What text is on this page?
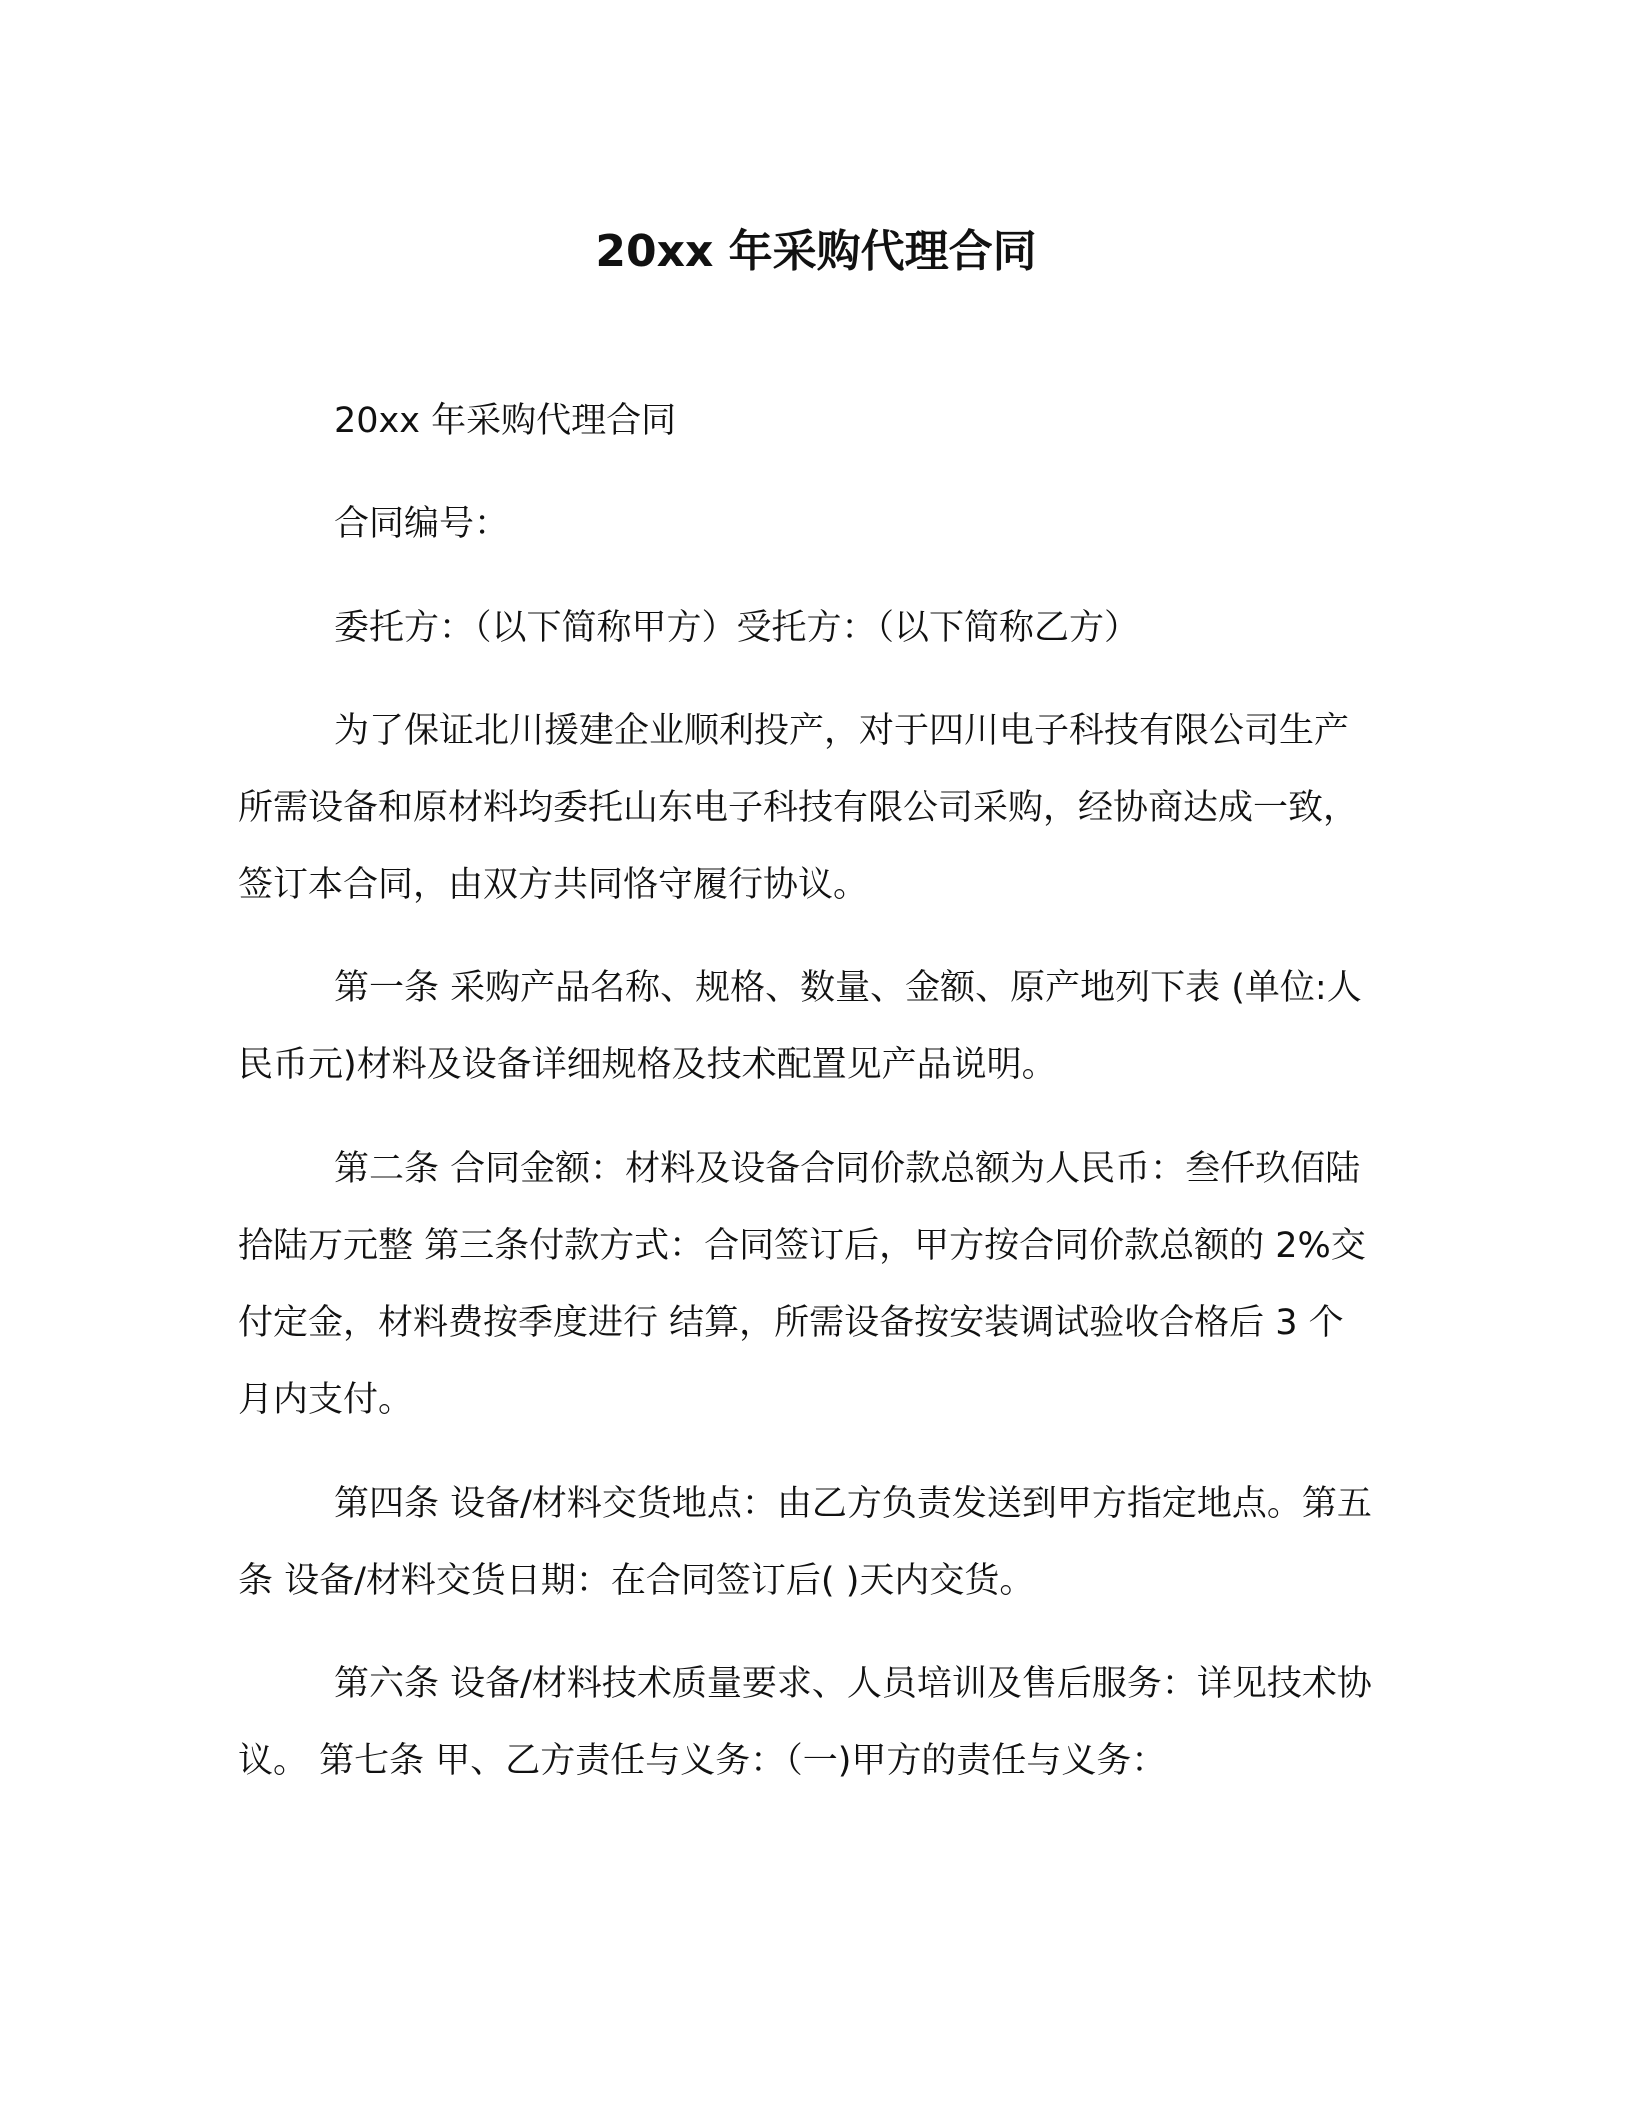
20xx 年采购代理合同

20xx 年采购代理合同

合同编号：

委托方：（以下简称甲方）受托方：（以下简称乙方）

为了保证北川援建企业顺利投产，对于四川电子科技有限公司生产所需设备和原材料均委托山东电子科技有限公司采购，经协商达成一致，签订本合同，由双方共同恪守履行协议。

第一条 采购产品名称、规格、数量、金额、原产地列下表 (单位:人民币元)材料及设备详细规格及技术配置见产品说明。

第二条 合同金额：材料及设备合同价款总额为人民币：叁仟玖佰陆拾陆万元整 第三条付款方式：合同签订后，甲方按合同价款总额的 2%交付定金，材料费按季度进行 结算，所需设备按安装调试验收合格后 3 个月内支付。

第四条 设备/材料交货地点：由乙方负责发送到甲方指定地点。第五条 设备/材料交货日期：在合同签订后( )天内交货。

第六条 设备/材料技术质量要求、人员培训及售后服务：详见技术协议。 第七条 甲、乙方责任与义务：（一)甲方的责任与义务：
